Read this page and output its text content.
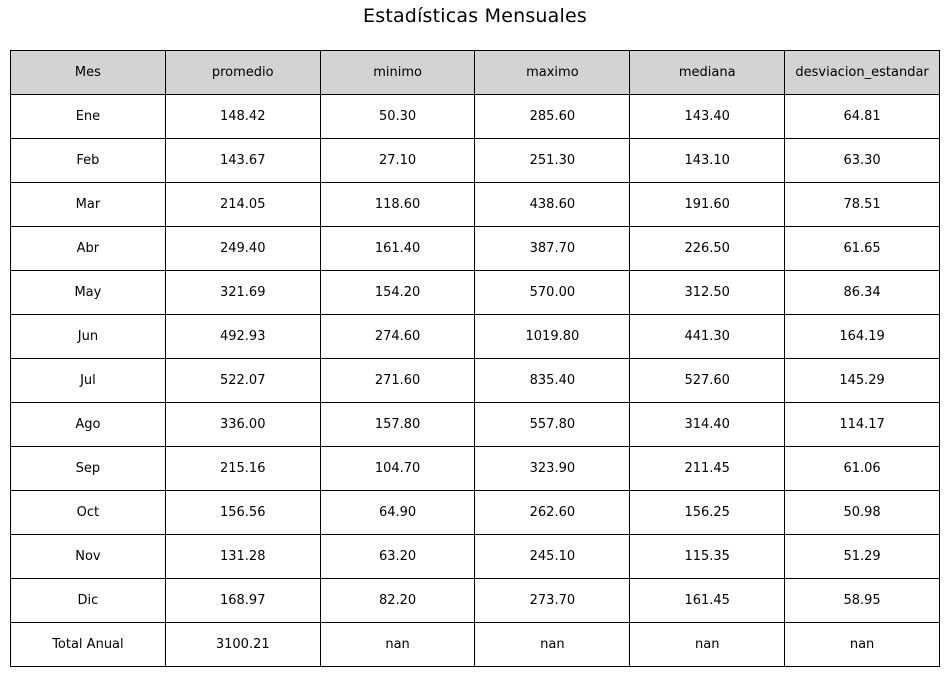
Estadísticas Mensuales
Mes	promedio	minimo	maximo	mediana	desviacion_estandar
Ene	148.42	50.30	285.60	143.40	64.81
Feb	143.67	27.10	251.30	143.10	63.30
Mar	214.05	118.60	438.60	191.60	78.51
Abr	249.40	161.40	387.70	226.50	61.65
May	321.69	154.20	570.00	312.50	86.34
Jun	492.93	274.60	1019.80	441.30	164.19
Jul	522.07	271.60	835.40	527.60	145.29
Ago	336.00	157.80	557.80	314.40	114.17
Sep	215.16	104.70	323.90	211.45	61.06
Oct	156.56	64.90	262.60	156.25	50.98
Nov	131.28	63.20	245.10	115.35	51.29
Dic	168.97	82.20	273.70	161.45	58.95
Total Anual	3100.21	nan	nan	nan	nan
